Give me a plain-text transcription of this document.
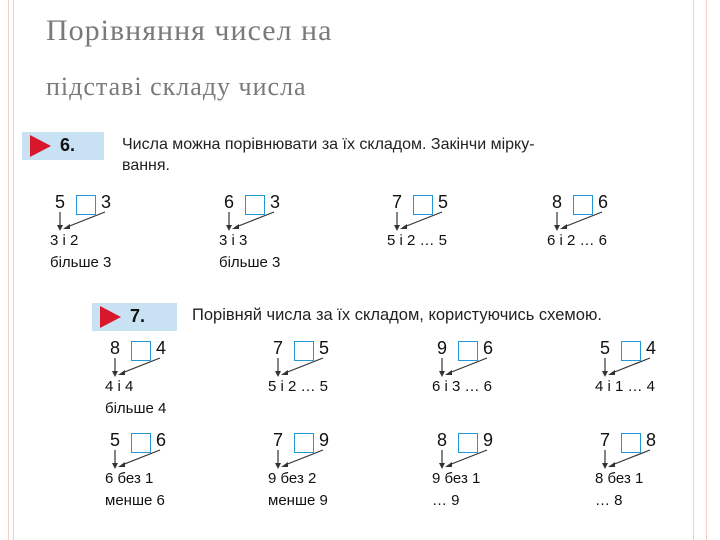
Порівняння чисел на
підставі складу числа
6.	Числа можна порівнювати за їх складом. Закінчи мірку-
вання.
5 3
3 і 2
більше 3
6 3
3 і 3
більше 3
7 5
5 і 2 … 5
8 6
6 і 2 … 6
7.	Порівняй числа за їх складом, користуючись схемою.
8 4
4 і 4
більше 4
7 5
5 і 2 … 5
9 6
6 і 3 … 6
5 4
4 і 1 … 4
5 6
6 без 1
менше 6
7 9
9 без 2
менше 9
8 9
9 без 1
… 9
7 8
8 без 1
… 8
